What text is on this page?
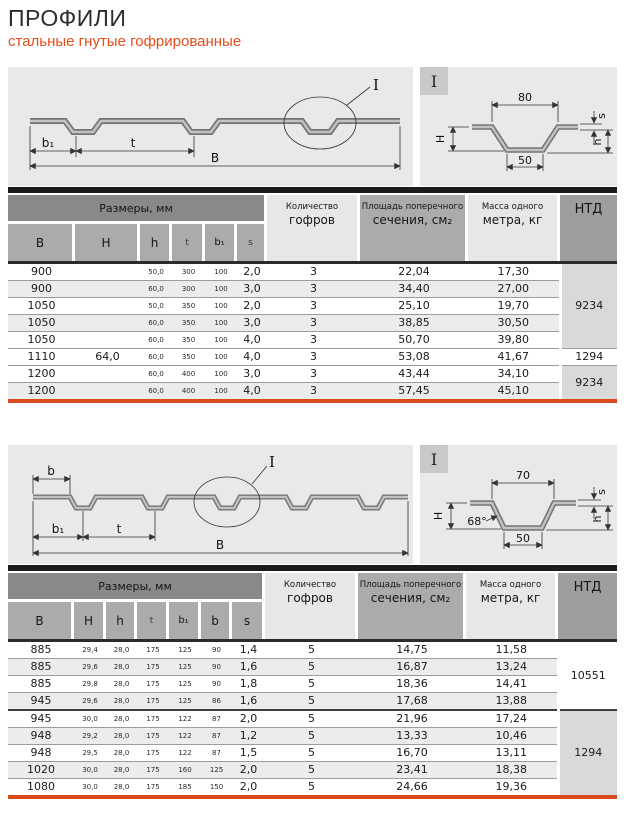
ПРОФИЛИ
стальные гнутые гофрированные
b₁	t
B
I	I
80
50
H
s
h
Размеры, мм	Количество
гофров
Площадь поперечного
сечения, см₂
Масса одного
метра, кг
НТД
B	H	h	t	b₁	s
900		50,0	300	100	2,0	3	22,04	17,30	9234
900		60,0	300	100	3,0	3	34,40	27,00	
1050		50,0	350	100	2,0	3	25,10	19,70	
1050		60,0	350	100	3,0	3	38,85	30,50	
1050		60,0	350	100	4,0	3	50,70	39,80	
1110	64,0	60,0	350	100	4,0	3	53,08	41,67	1294
1200		60,0	400	100	3,0	3	43,44	34,10	9234
1200		60,0	400	100	4,0	3	57,45	45,10	
b
b₁	t
B
I	I
70
50
68°
H
s
h
Размеры, мм	Количество
гофров
Площадь поперечного
сечения, см₂
Масса одного
метра, кг
НТД
B	H	h	t	b₁	b	s
885	29,4	28,0	175	125	90	1,4	5	14,75	11,58	10551
885	29,6	28,0	175	125	90	1,6	5	16,87	13,24	
885	29,8	28,0	175	125	90	1,8	5	18,36	14,41	
945	29,6	28,0	175	125	86	1,6	5	17,68	13,88	
945	30,0	28,0	175	122	87	2,0	5	21,96	17,24	1294
948	29,2	28,0	175	122	87	1,2	5	13,33	10,46	
948	29,5	28,0	175	122	87	1,5	5	16,70	13,11	
1020	30,0	28,0	175	160	125	2,0	5	23,41	18,38	
1080	30,0	28,0	175	185	150	2,0	5	24,66	19,36	
